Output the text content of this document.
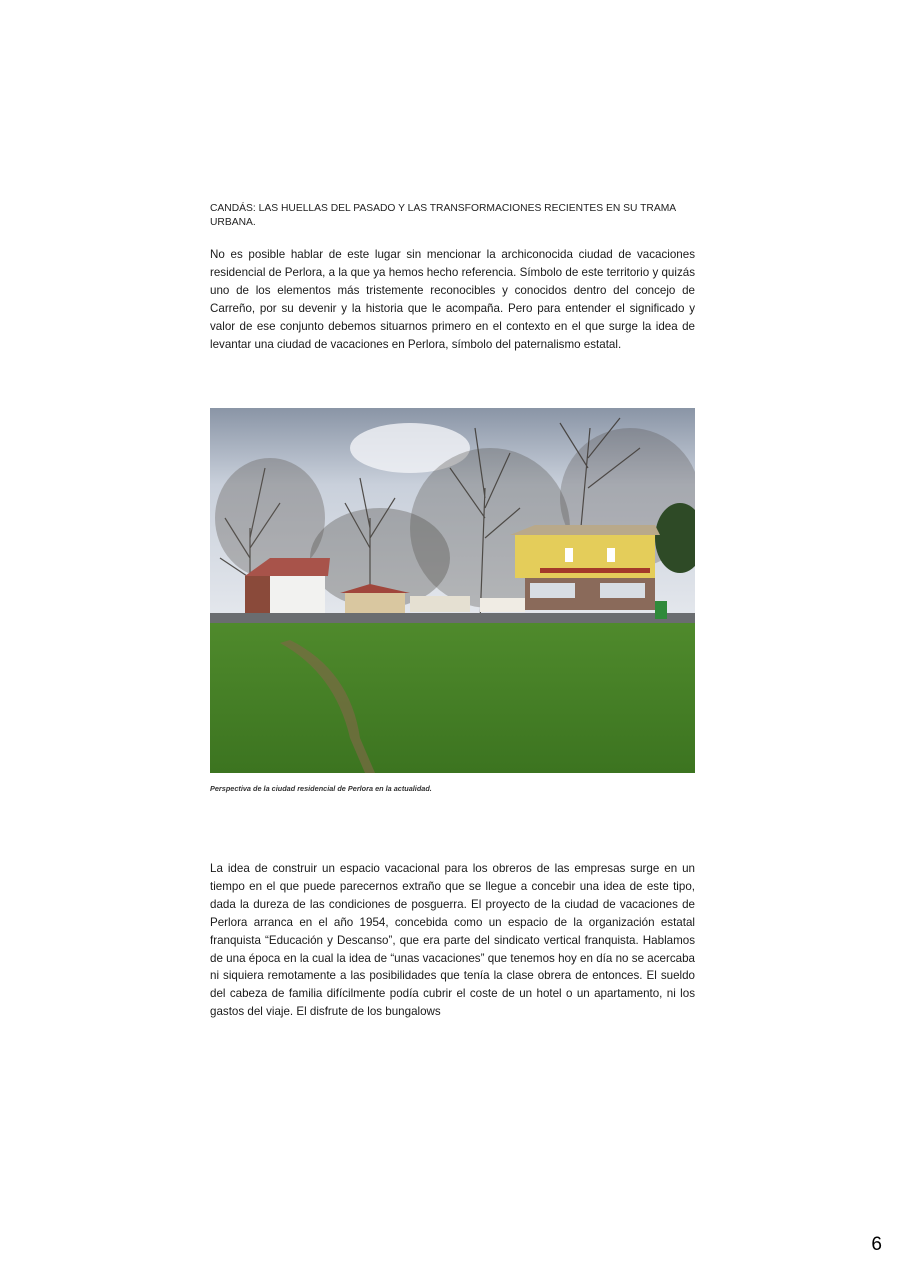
CANDÁS: LAS HUELLAS DEL PASADO Y LAS TRANSFORMACIONES RECIENTES EN SU TRAMA URBANA.

No es posible hablar de este lugar sin mencionar la archiconocida ciudad de vacaciones residencial de Perlora, a la que ya hemos hecho referencia. Símbolo de este territorio y quizás uno de los elementos más tristemente reconocibles y conocidos dentro del concejo de Carreño, por su devenir y la historia que le acompaña. Pero para entender el significado y valor de ese conjunto debemos situarnos primero en el contexto en el que surge la idea de levantar una ciudad de vacaciones en Perlora, símbolo del paternalismo estatal.

Perspectiva de la ciudad residencial de Perlora en la actualidad.

La idea de construir un espacio vacacional para los obreros de las empresas surge en un tiempo en el que puede parecernos extraño que se llegue a concebir una idea de este tipo, dada la dureza de las condiciones de posguerra. El proyecto de la ciudad de vacaciones de Perlora arranca en el año 1954, concebida como un espacio de la organización estatal franquista “Educación y Descanso”, que era parte del sindicato vertical franquista. Hablamos de una época en la cual la idea de “unas vacaciones” que tenemos hoy en día no se acercaba ni siquiera remotamente a las posibilidades que tenía la clase obrera de entonces. El sueldo del cabeza de familia difícilmente podía cubrir el coste de un hotel o un apartamento, ni los gastos del viaje. El disfrute de los bungalows

6
